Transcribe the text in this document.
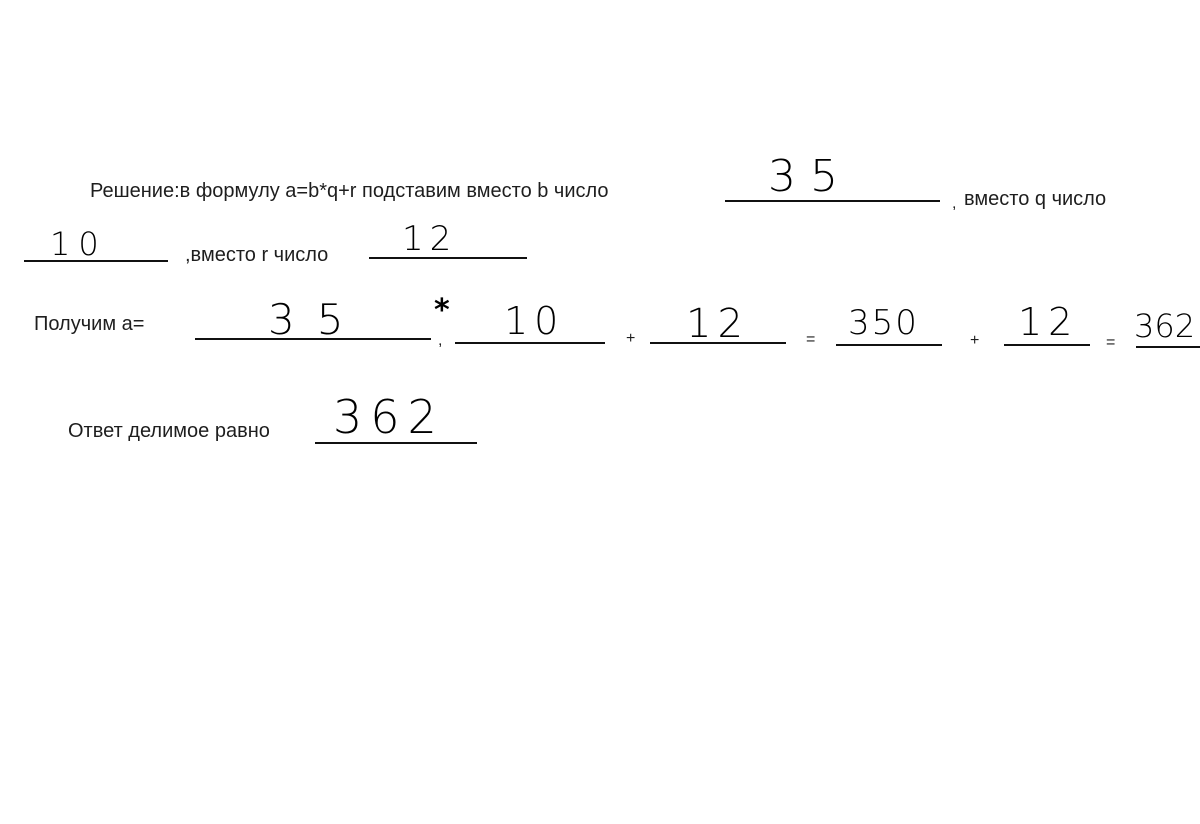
Решение:в формулу a=b*q+r подставим вместо b число	35
, вместо q число
10	,вместо r число 12
Получим а=	35 *
, 10	+ 12	= 350	+ 12 = 362
Ответ делимое равно 362
